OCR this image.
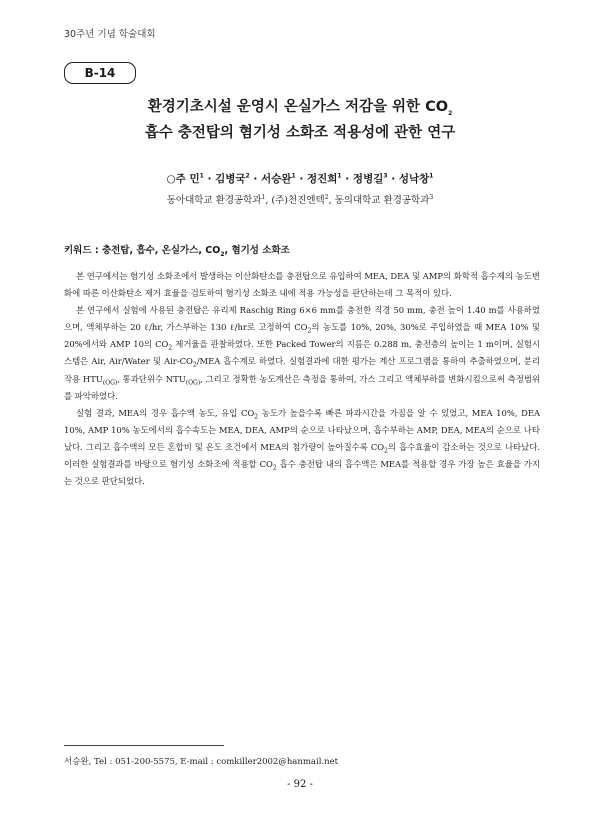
30주년 기념 학술대회
B-14
환경기초시설 운영시 온실가스 저감을 위한 $CO_2$
흡수 충전탑의 혐기성 소화조 적용성에 관한 연구
○주 민$^1$ · 김병국$^2$ · 서승완$^1$ · 정진희$^1$ · 정병길$^3$ · 성낙창$^1$
동아대학교 환경공학과$^1$, (주)천진엔텍$^2$, 동의대학교 환경공학과$^3$
키워드 : 충전탑, 흡수, 온실가스, $CO_2$, 혐기성 소화조

본 연구에서는 혐기성 소화조에서 발생하는 이산화탄소를 충전탑으로 유입하여 MEA, DEA 및 AMP의 화학적 흡수제의 농도변화에 따른 이산화탄소 제거 효율을 검토하여 혐기성 소화조 내에 적용 가능성을 판단하는데 그 목적이 있다.

본 연구에서 실험에 사용된 충전탑은 유리제 Raschig Ring 6×6 mm를 충전한 직경 50 mm, 충전 높이 1.40 m를 사용하였으며, 액체부하는 20 ℓ/hr, 가스부하는 130 ℓ/hr로 고정하여 $CO_2$의 농도를 10%, 20%, 30%로 주입하였을 때 MEA 10% 및 20%에서와 AMP 10의 $CO_2$ 제거율을 관찰하였다. 또한 Packed Tower의 지름은 0.288 m, 충전층의 높이는 1 m이며, 실험시스템은 Air, Air/Water 및 Air-$CO_2$/MEA 흡수계로 하였다. 실험결과에 대한 평가는 계산 프로그램을 통하여 추출하였으며, 분리작용 $HTU_{(OG)}$, 통과단위수 $NTU_{(OG)}$, 그리고 정확한 농도계산은 측정을 통하여, 가스 그리고 액체부하를 변화시킴으로써 측정범위를 파악하였다.

실험 결과, MEA의 경우 흡수액 농도, 유입 $CO_2$ 농도가 높을수록 빠른 파과시간을 가짐을 알 수 있었고, MEA 10%, DEA 10%, AMP 10% 농도에서의 흡수속도는 MEA, DEA, AMP의 순으로 나타났으며, 흡수부하는 AMP, DEA, MEA의 순으로 나타났다. 그리고 흡수액의 모든 혼합비 및 온도 조건에서 MEA의 첨가량이 높아질수록 $CO_2$의 흡수효율이 감소하는 것으로 나타났다. 이러한 실험결과를 바탕으로 혐기성 소화조에 적용할 $CO_2$ 흡수 충전탑 내의 흡수액은 MEA를 적용할 경우 가장 높은 효율을 가지는 것으로 판단되었다.

서승완, Tel : 051-200-5575, E-mail : comkiller2002@hanmail.net
- 92 -
